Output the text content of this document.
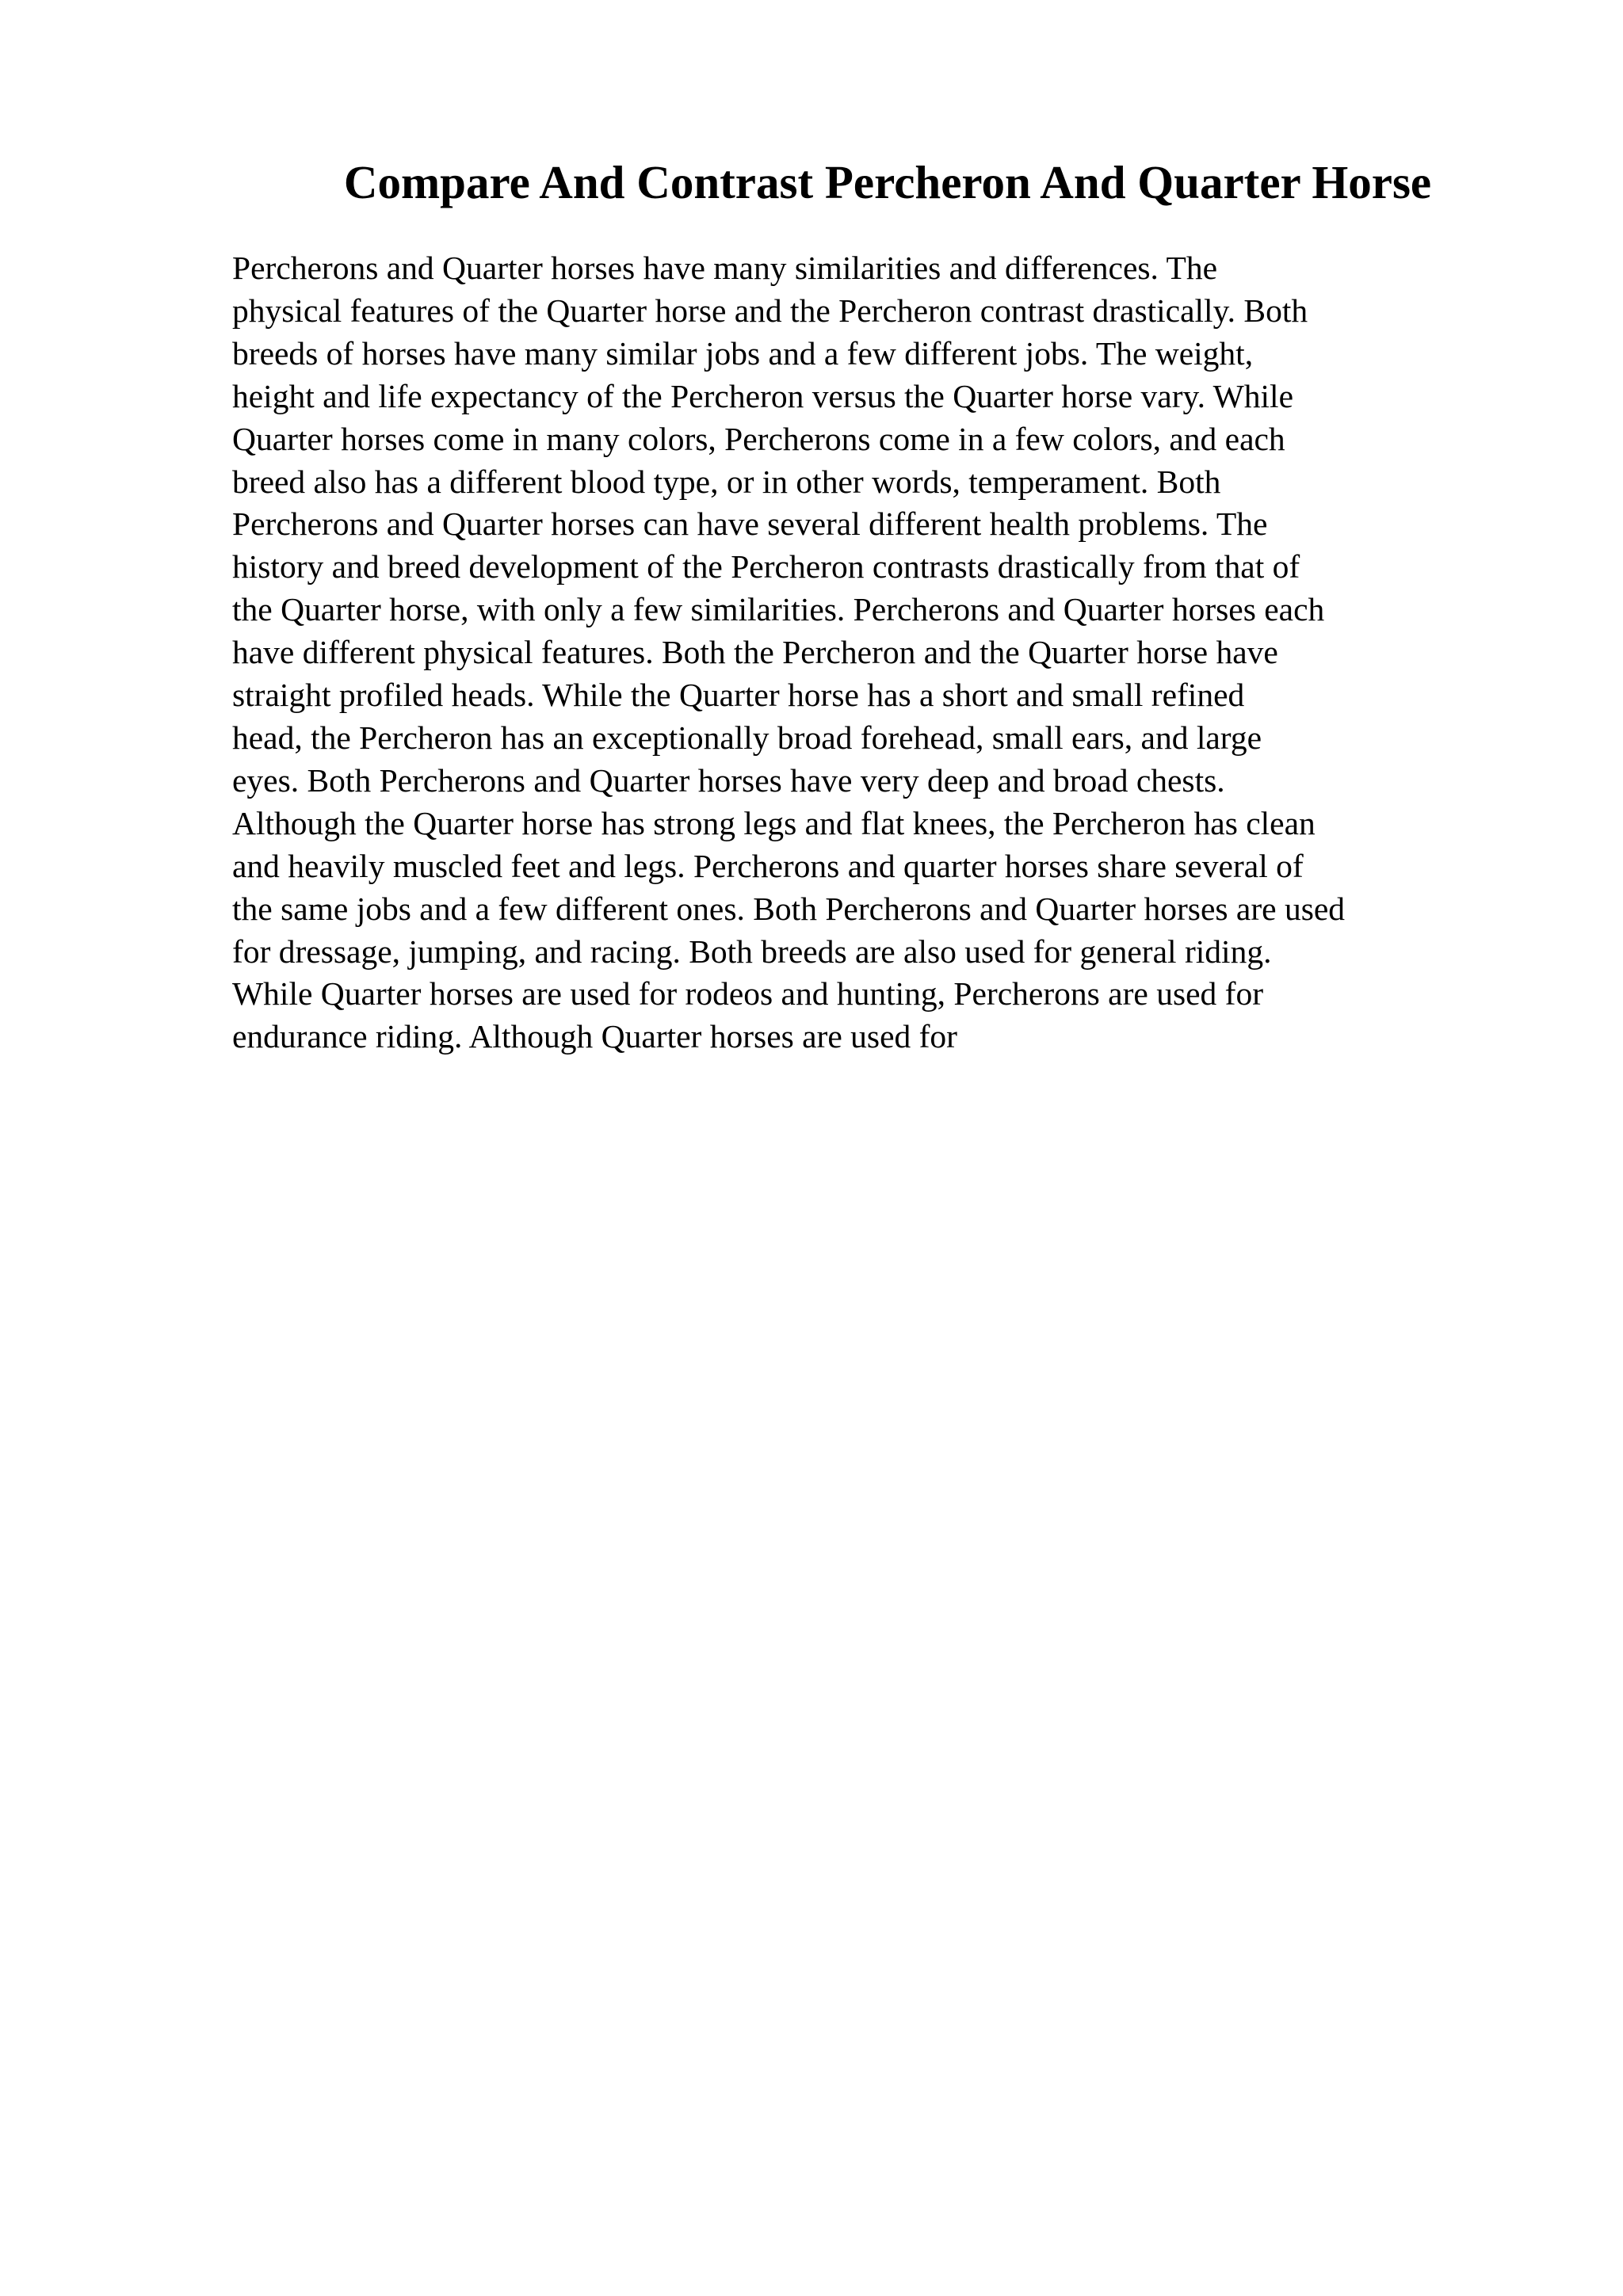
Compare And Contrast Percheron And Quarter Horse
Percherons and Quarter horses have many similarities and differences. The
physical features of the Quarter horse and the Percheron contrast drastically. Both
breeds of horses have many similar jobs and a few different jobs. The weight,
height and life expectancy of the Percheron versus the Quarter horse vary. While
Quarter horses come in many colors, Percherons come in a few colors, and each
breed also has a different blood type, or in other words, temperament. Both
Percherons and Quarter horses can have several different health problems. The
history and breed development of the Percheron contrasts drastically from that of
the Quarter horse, with only a few similarities. Percherons and Quarter horses each
have different physical features. Both the Percheron and the Quarter horse have
straight profiled heads. While the Quarter horse has a short and small refined
head, the Percheron has an exceptionally broad forehead, small ears, and large
eyes. Both Percherons and Quarter horses have very deep and broad chests.
Although the Quarter horse has strong legs and flat knees, the Percheron has clean
and heavily muscled feet and legs. Percherons and quarter horses share several of
the same jobs and a few different ones. Both Percherons and Quarter horses are used
for dressage, jumping, and racing. Both breeds are also used for general riding.
While Quarter horses are used for rodeos and hunting, Percherons are used for
endurance riding. Although Quarter horses are used for
